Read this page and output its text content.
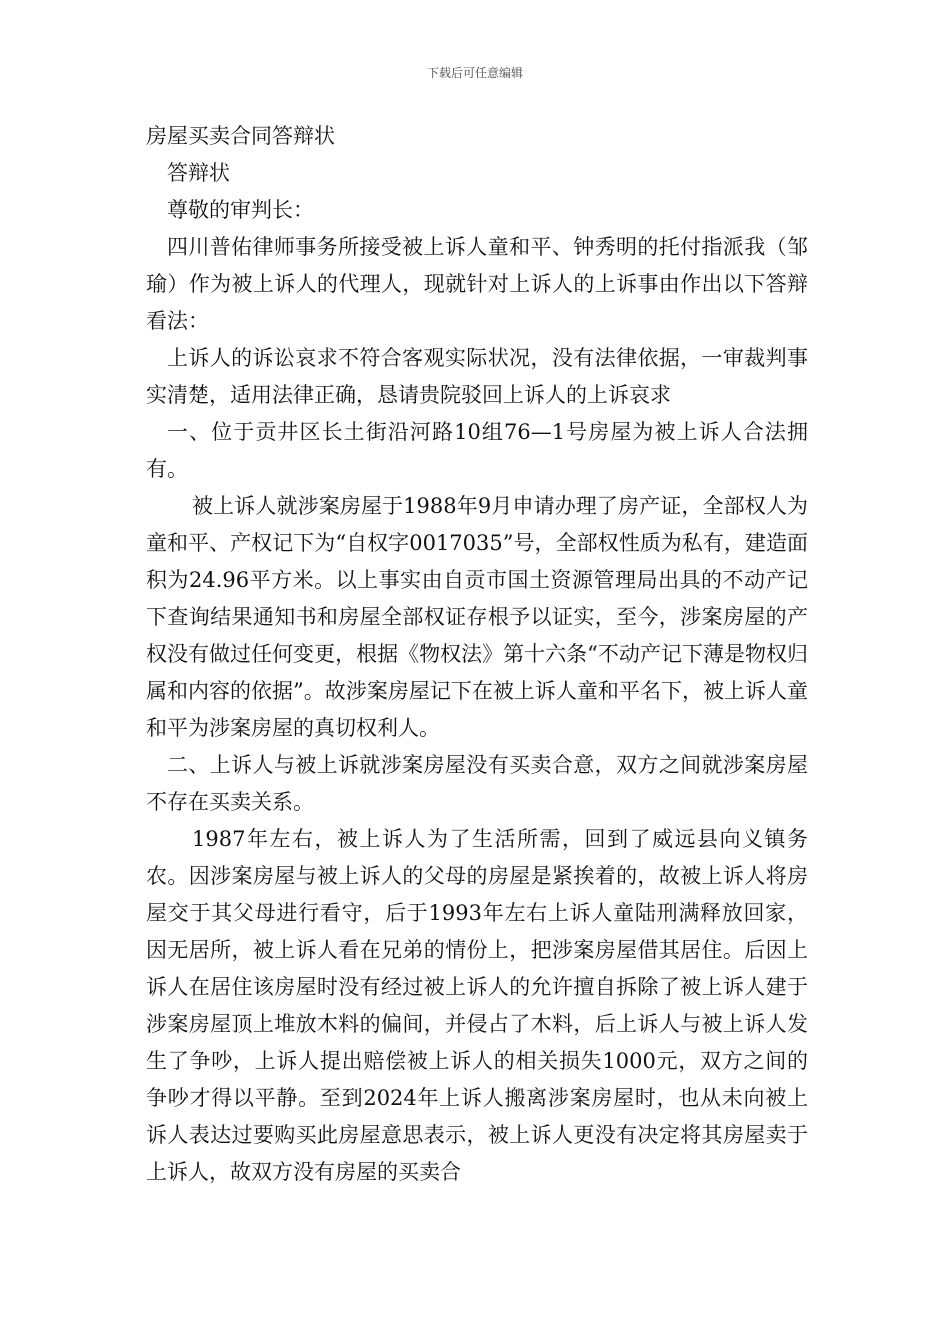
下载后可任意编辑

房屋买卖合同答辩状

答辩状

尊敬的审判长：

四川普佑律师事务所接受被上诉人童和平、钟秀明的托付指派我（邹瑜）作为被上诉人的代理人，现就针对上诉人的上诉事由作出以下答辩看法：

上诉人的诉讼哀求不符合客观实际状况，没有法律依据，一审裁判事实清楚，适用法律正确，恳请贵院驳回上诉人的上诉哀求

一、位于贡井区长土街沿河路10组76—1号房屋为被上诉人合法拥有。

被上诉人就涉案房屋于1988年9月申请办理了房产证，全部权人为童和平、产权记下为“自权字0017035”号，全部权性质为私有，建造面积为24.96平方米。以上事实由自贡市国土资源管理局出具的不动产记下查询结果通知书和房屋全部权证存根予以证实，至今，涉案房屋的产权没有做过任何变更，根据《物权法》第十六条“不动产记下薄是物权归属和内容的依据”。故涉案房屋记下在被上诉人童和平名下，被上诉人童和平为涉案房屋的真切权利人。

二、上诉人与被上诉就涉案房屋没有买卖合意，双方之间就涉案房屋不存在买卖关系。

1987年左右，被上诉人为了生活所需，回到了威远县向义镇务农。因涉案房屋与被上诉人的父母的房屋是紧挨着的，故被上诉人将房屋交于其父母进行看守，后于1993年左右上诉人童陆刑满释放回家，因无居所，被上诉人看在兄弟的情份上，把涉案房屋借其居住。后因上诉人在居住该房屋时没有经过被上诉人的允许擅自拆除了被上诉人建于涉案房屋顶上堆放木料的偏间，并侵占了木料，后上诉人与被上诉人发生了争吵，上诉人提出赔偿被上诉人的相关损失1000元，双方之间的争吵才得以平静。至到2024年上诉人搬离涉案房屋时，也从未向被上诉人表达过要购买此房屋意思表示，被上诉人更没有决定将其房屋卖于上诉人，故双方没有房屋的买卖合
